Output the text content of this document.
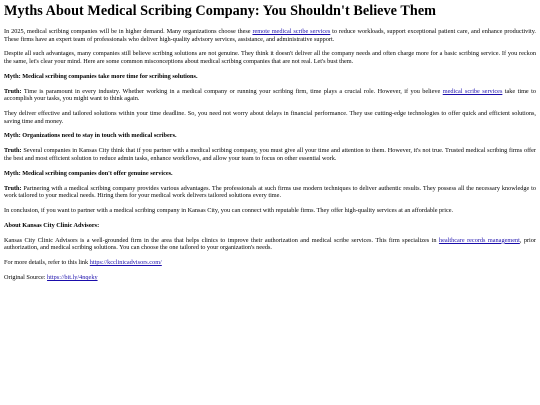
Myths About Medical Scribing Company: You Shouldn't Believe Them

In 2025, medical scribing companies will be in higher demand. Many organizations choose these remote medical scribe services to reduce workloads, support exceptional patient care, and enhance productivity. These firms have an expert team of professionals who deliver high-quality advisory services, assistance, and administrative support.

Despite all such advantages, many companies still believe scribing solutions are not genuine. They think it doesn't deliver all the company needs and often charge more for a basic scribing service. If you reckon the same, let's clear your mind. Here are some common misconceptions about medical scribing companies that are not real. Let's bust them.

Myth: Medical scribing companies take more time for scribing solutions.

Truth: Time is paramount in every industry. Whether working in a medical company or running your scribing firm, time plays a crucial role. However, if you believe medical scribe services take time to accomplish your tasks, you might want to think again.

They deliver effective and tailored solutions within your time deadline. So, you need not worry about delays in financial performance. They use cutting-edge technologies to offer quick and efficient solutions, saving time and money.

Myth: Organizations need to stay in touch with medical scribers.

Truth: Several companies in Kansas City think that if you partner with a medical scribing company, you must give all your time and attention to them. However, it's not true. Trusted medical scribing firms offer the best and most efficient solution to reduce admin tasks, enhance workflows, and allow your team to focus on other essential work.

Myth: Medical scribing companies don't offer genuine services.

Truth: Partnering with a medical scribing company provides various advantages. The professionals at such firms use modern techniques to deliver authentic results. They possess all the necessary knowledge to work tailored to your medical needs. Hiring them for your medical work delivers tailored solutions every time.

In conclusion, if you want to partner with a medical scribing company in Kansas City, you can connect with reputable firms. They offer high-quality services at an affordable price.

About Kansas City Clinic Advisors:

Kansas City Clinic Advisors is a well-grounded firm in the area that helps clinics to improve their authorization and medical scribe services. This firm specializes in healthcare records management, prior authorization, and medical scribing solutions. You can choose the one tailored to your organization's needs.

For more details, refer to this link https://kcclinicadvisors.com/

Original Source: https://bit.ly/4nqeky
